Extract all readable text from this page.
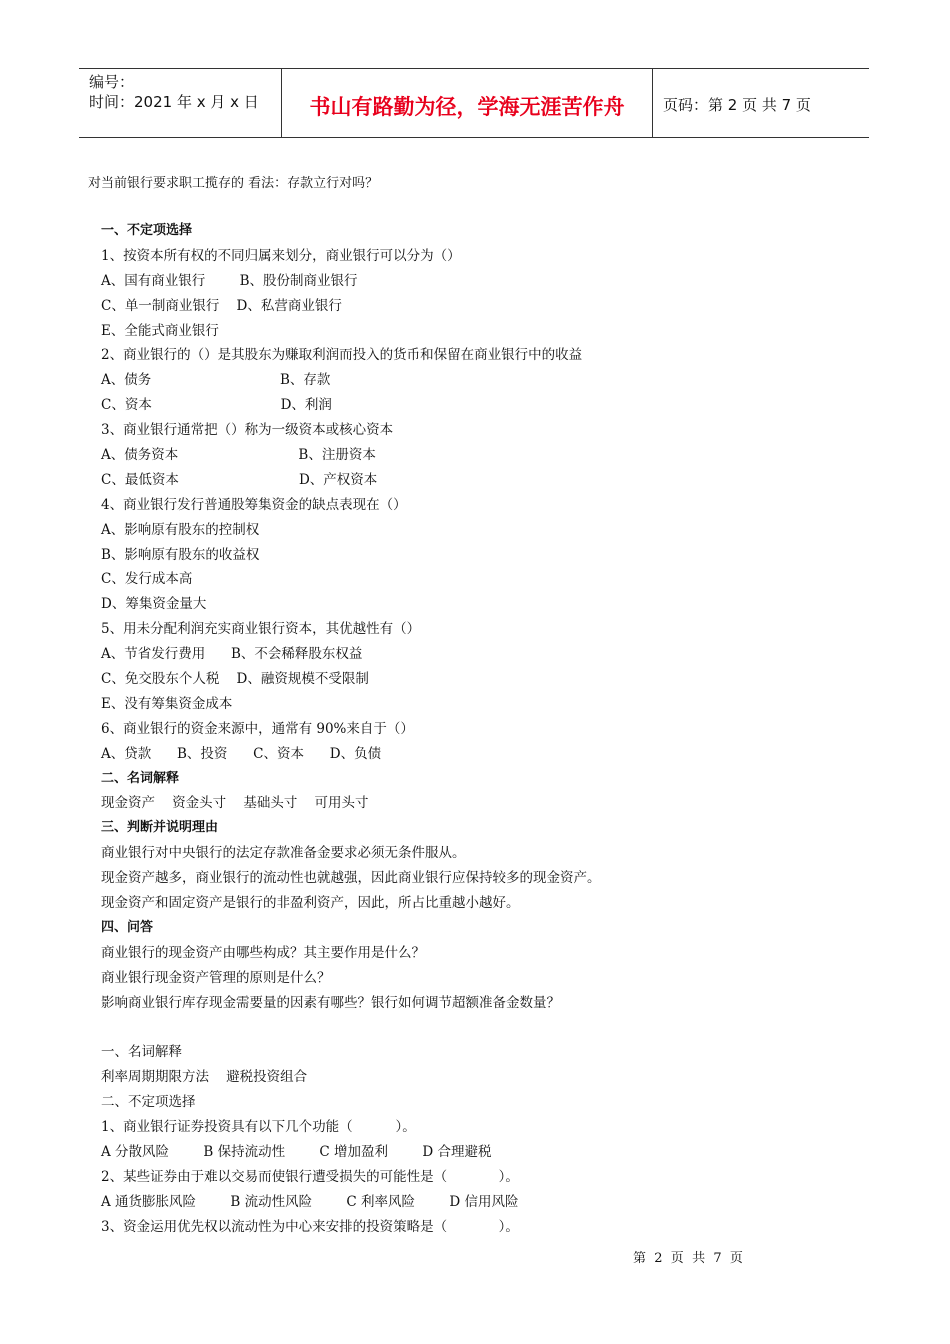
编号：
时间：2021 年 x 月 x 日	书山有路勤为径，学海无涯苦作舟	页码：第 2 页 共 7 页
对当前银行要求职工揽存的 看法：存款立行对吗？
一、不定项选择
1、按资本所有权的不同归属来划分，商业银行可以分为（）
A、国有商业银行        B、股份制商业银行
C、单一制商业银行    D、私营商业银行
E、全能式商业银行
2、商业银行的（）是其股东为赚取利润而投入的货币和保留在商业银行中的收益
A、债务                              B、存款
C、资本                              D、利润
3、商业银行通常把（）称为一级资本或核心资本
A、债务资本                            B、注册资本
C、最低资本                            D、产权资本
4、商业银行发行普通股筹集资金的缺点表现在（）
A、影响原有股东的控制权
B、影响原有股东的收益权
C、发行成本高
D、筹集资金量大
5、用未分配利润充实商业银行资本，其优越性有（）
A、节省发行费用      B、不会稀释股东权益
C、免交股东个人税    D、融资规模不受限制
E、没有筹集资金成本
6、商业银行的资金来源中，通常有 90%来自于（）
A、贷款      B、投资      C、资本      D、负债
二、名词解释
现金资产    资金头寸    基础头寸    可用头寸
三、判断并说明理由
商业银行对中央银行的法定存款准备金要求必须无条件服从。
现金资产越多，商业银行的流动性也就越强，因此商业银行应保持较多的现金资产。
现金资产和固定资产是银行的非盈利资产，因此，所占比重越小越好。
四、问答
商业银行的现金资产由哪些构成？其主要作用是什么？
商业银行现金资产管理的原则是什么？
影响商业银行库存现金需要量的因素有哪些？银行如何调节超额准备金数量？
一、名词解释
利率周期期限方法    避税投资组合
二、不定项选择
1、商业银行证券投资具有以下几个功能（          ）。
A 分散风险        B 保持流动性        C 增加盈利        D 合理避税
2、某些证券由于难以交易而使银行遭受损失的可能性是（            ）。
A 通货膨胀风险        B 流动性风险        C 利率风险        D 信用风险
3、资金运用优先权以流动性为中心来安排的投资策略是（            ）。
第  2  页  共  7  页
